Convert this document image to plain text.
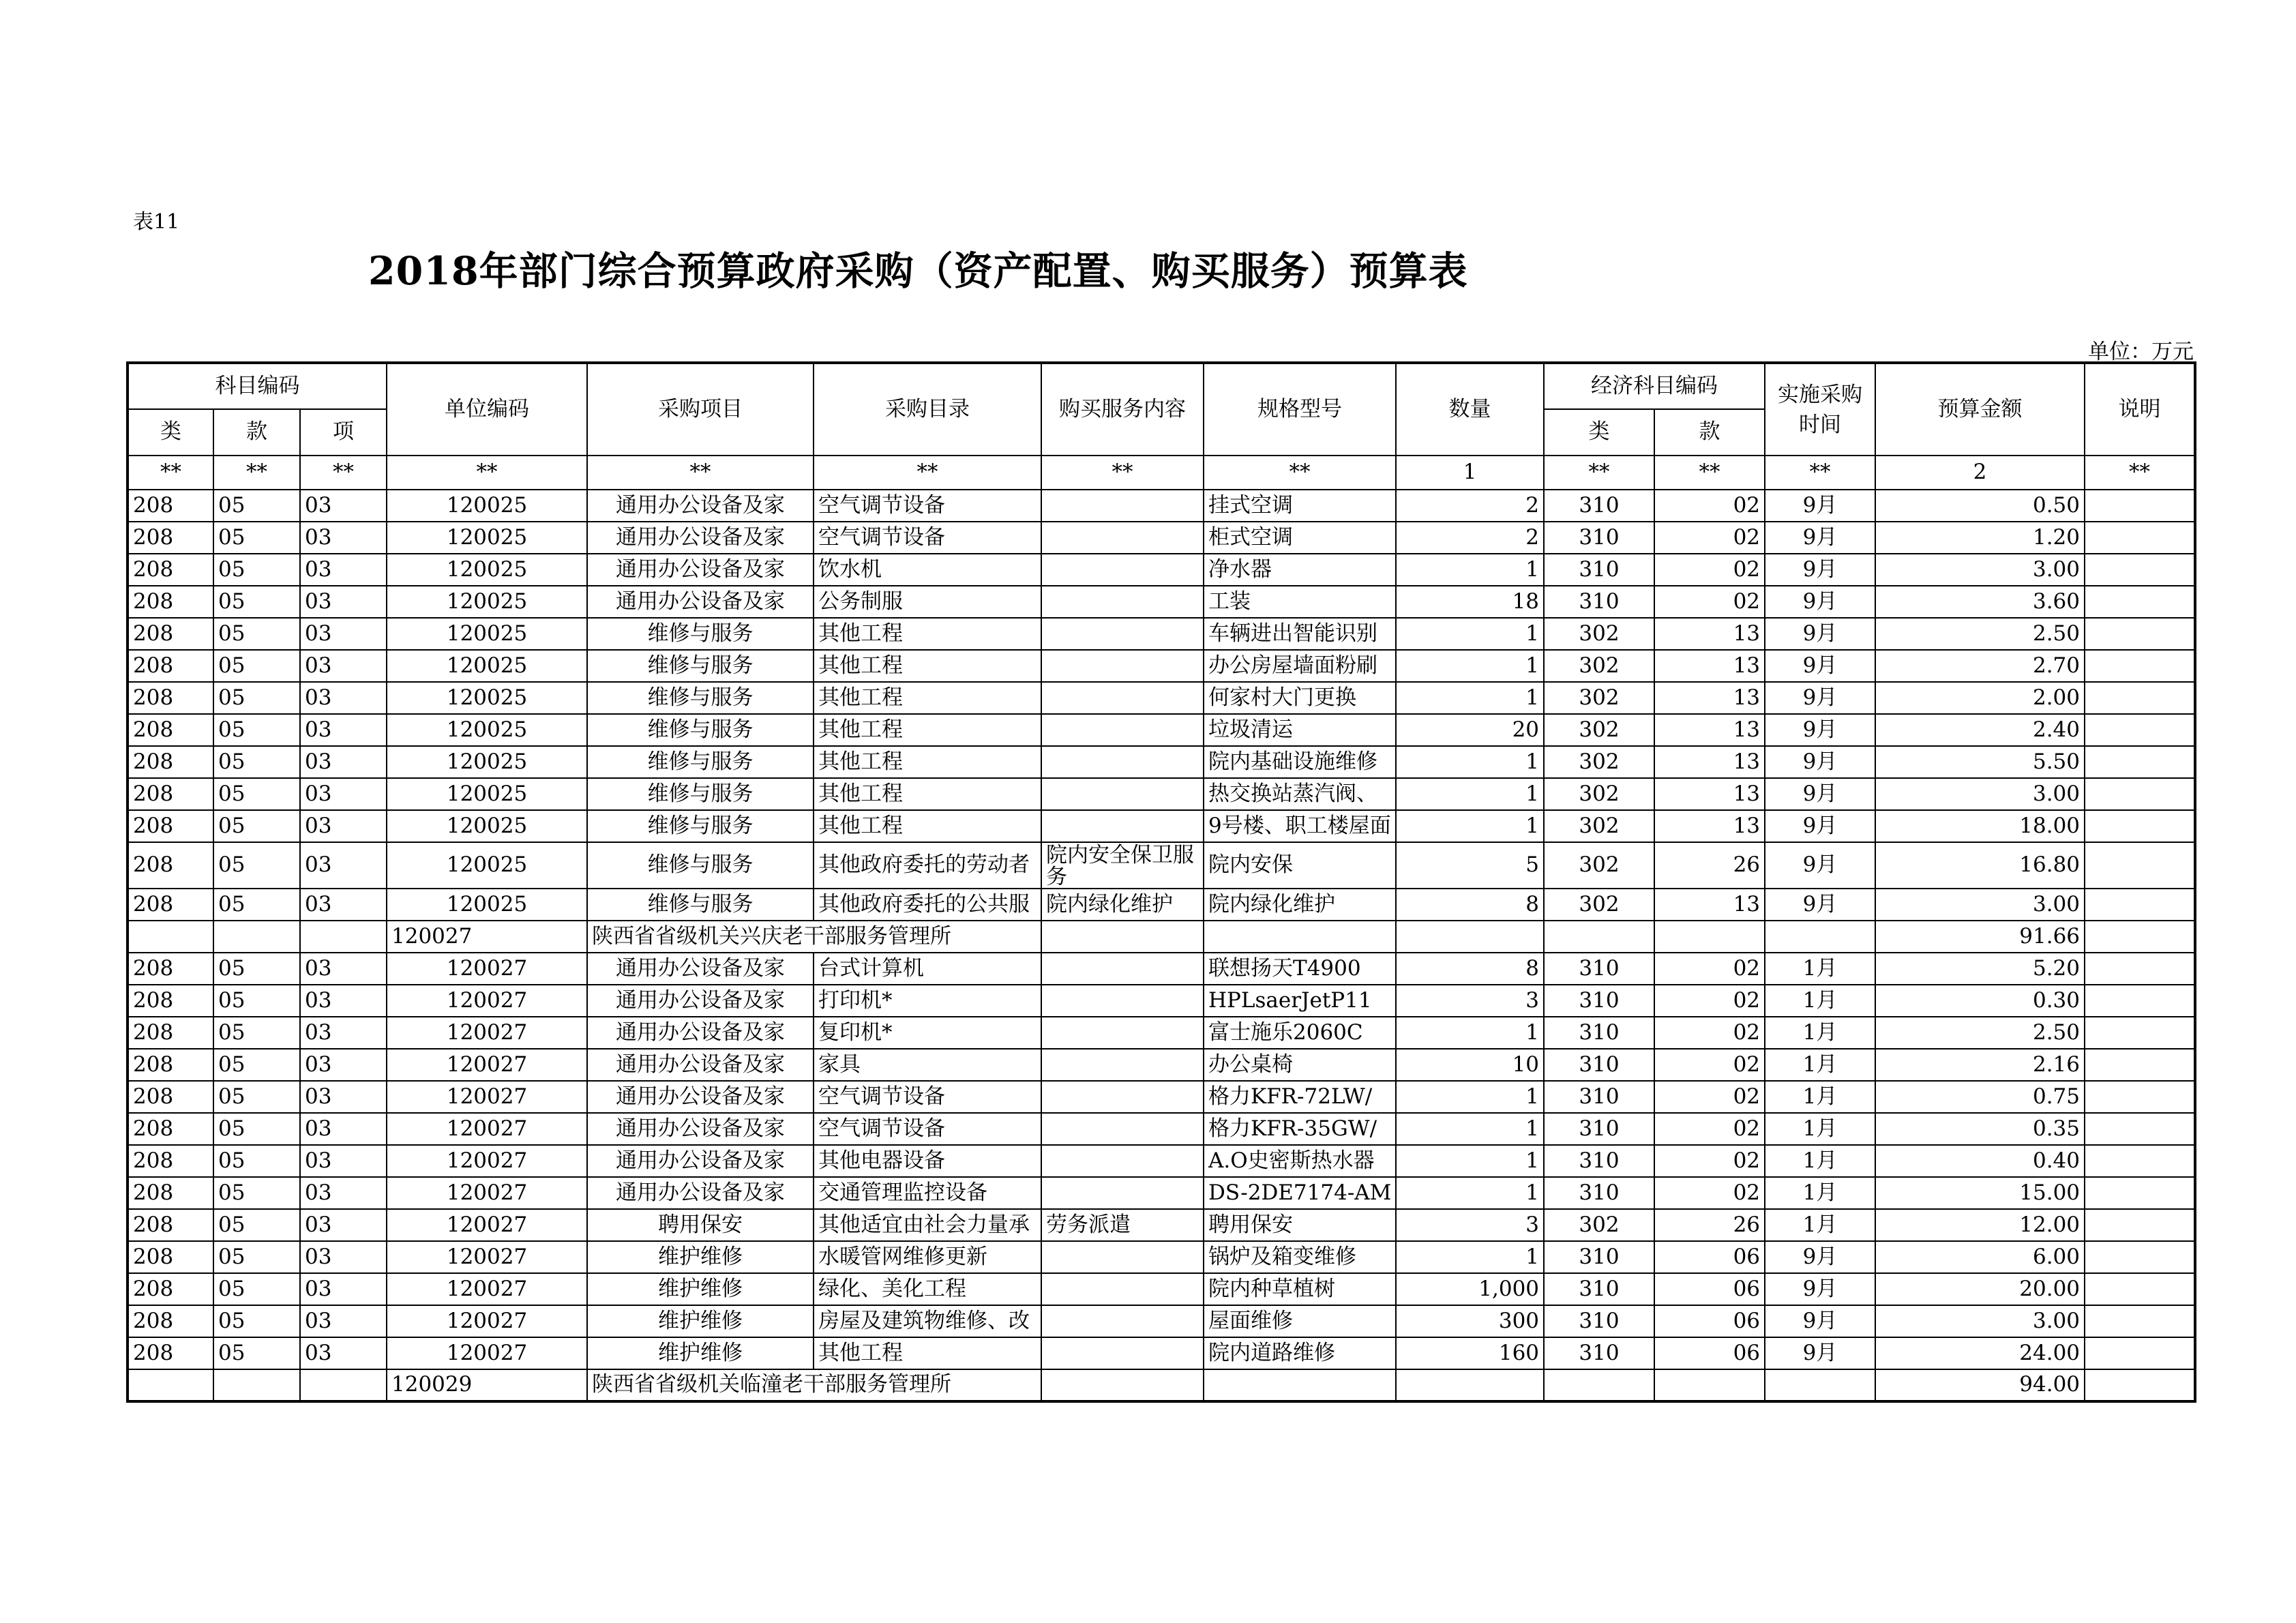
表11
2018年部门综合预算政府采购（资产配置、购买服务）预算表
单位：万元
科目编码			单位编码	采购项目	采购目录	购买服务内容	规格型号	数量	经济科目编码		实施采购时间	预算金额	说明
类	款	项							类	款			
**	**	**	**	**	**	**	**	1	**	**	**	2	**
208	05	03	120025	通用办公设备及家	空气调节设备		挂式空调	2	310	02	9月	0.50	
208	05	03	120025	通用办公设备及家	空气调节设备		柜式空调	2	310	02	9月	1.20	
208	05	03	120025	通用办公设备及家	饮水机		净水器	1	310	02	9月	3.00	
208	05	03	120025	通用办公设备及家	公务制服		工装	18	310	02	9月	3.60	
208	05	03	120025	维修与服务	其他工程		车辆进出智能识别	1	302	13	9月	2.50	
208	05	03	120025	维修与服务	其他工程		办公房屋墙面粉刷	1	302	13	9月	2.70	
208	05	03	120025	维修与服务	其他工程		何家村大门更换	1	302	13	9月	2.00	
208	05	03	120025	维修与服务	其他工程		垃圾清运	20	302	13	9月	2.40	
208	05	03	120025	维修与服务	其他工程		院内基础设施维修	1	302	13	9月	5.50	
208	05	03	120025	维修与服务	其他工程		热交换站蒸汽阀、	1	302	13	9月	3.00	
208	05	03	120025	维修与服务	其他工程		9号楼、职工楼屋面	1	302	13	9月	18.00	
208	05	03	120025	维修与服务	其他政府委托的劳动者	院内安全保卫服务	院内安保	5	302	26	9月	16.80	
208	05	03	120025	维修与服务	其他政府委托的公共服	院内绿化维护	院内绿化维护	8	302	13	9月	3.00	
			120027	陕西省省级机关兴庆老干部服务管理所								91.66	
208	05	03	120027	通用办公设备及家	台式计算机		联想扬天T4900	8	310	02	1月	5.20	
208	05	03	120027	通用办公设备及家	打印机*		HPLsaerJetP11	3	310	02	1月	0.30	
208	05	03	120027	通用办公设备及家	复印机*		富士施乐2060C	1	310	02	1月	2.50	
208	05	03	120027	通用办公设备及家	家具		办公桌椅	10	310	02	1月	2.16	
208	05	03	120027	通用办公设备及家	空气调节设备		格力KFR-72LW/	1	310	02	1月	0.75	
208	05	03	120027	通用办公设备及家	空气调节设备		格力KFR-35GW/	1	310	02	1月	0.35	
208	05	03	120027	通用办公设备及家	其他电器设备		A.O史密斯热水器	1	310	02	1月	0.40	
208	05	03	120027	通用办公设备及家	交通管理监控设备		DS-2DE7174-AM	1	310	02	1月	15.00	
208	05	03	120027	聘用保安	其他适宜由社会力量承	劳务派遣	聘用保安	3	302	26	1月	12.00	
208	05	03	120027	维护维修	水暖管网维修更新		锅炉及箱变维修	1	310	06	9月	6.00	
208	05	03	120027	维护维修	绿化、美化工程		院内种草植树	1,000	310	06	9月	20.00	
208	05	03	120027	维护维修	房屋及建筑物维修、改		屋面维修	300	310	06	9月	3.00	
208	05	03	120027	维护维修	其他工程		院内道路维修	160	310	06	9月	24.00	
			120029	陕西省省级机关临潼老干部服务管理所								94.00	
